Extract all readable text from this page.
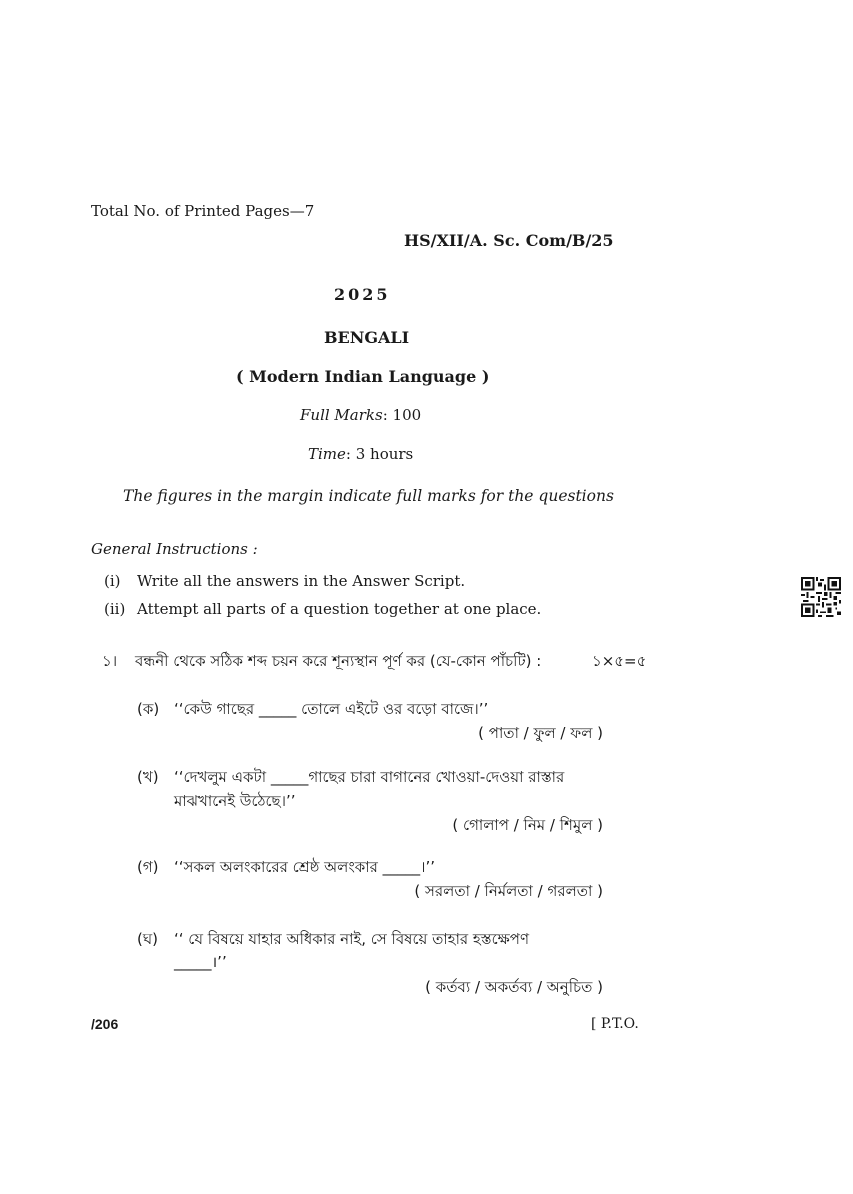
Total No. of Printed Pages—7
HS/XII/A. Sc. Com/B/25
2025
BENGALI
( Modern Indian Language )
Full Marks: 100
Time: 3 hours
The figures in the margin indicate full marks for the questions
General Instructions :
(i) Write all the answers in the Answer Script.
(ii) Attempt all parts of a question together at one place.
১। বন্ধনী থেকে সঠিক শব্দ চয়ন করে শূন্যস্থান পূর্ণ কর (যে-কোন পাঁচটি) :	১×৫=৫
(ক) ‘‘কেউ গাছের _____ তোলে এইটে ওর বড়ো বাজে।’’
( পাতা / ফুল / ফল )
(খ) ‘‘দেখলুম একটা _____গাছের চারা বাগানের খোওয়া-দেওয়া রাস্তার
মাঝখানেই উঠেছে।’’
( গোলাপ / নিম / শিমুল )
(গ) ‘‘সকল অলংকারের শ্রেষ্ঠ অলংকার _____।’’
( সরলতা / নির্মলতা / গরলতা )
(ঘ) ‘‘ যে বিষয়ে যাহার অধিকার নাই, সে বিষয়ে তাহার হস্তক্ষেপণ
_____।’’
( কর্তব্য / অকর্তব্য / অনুচিত )
/206	[ P.T.O.
